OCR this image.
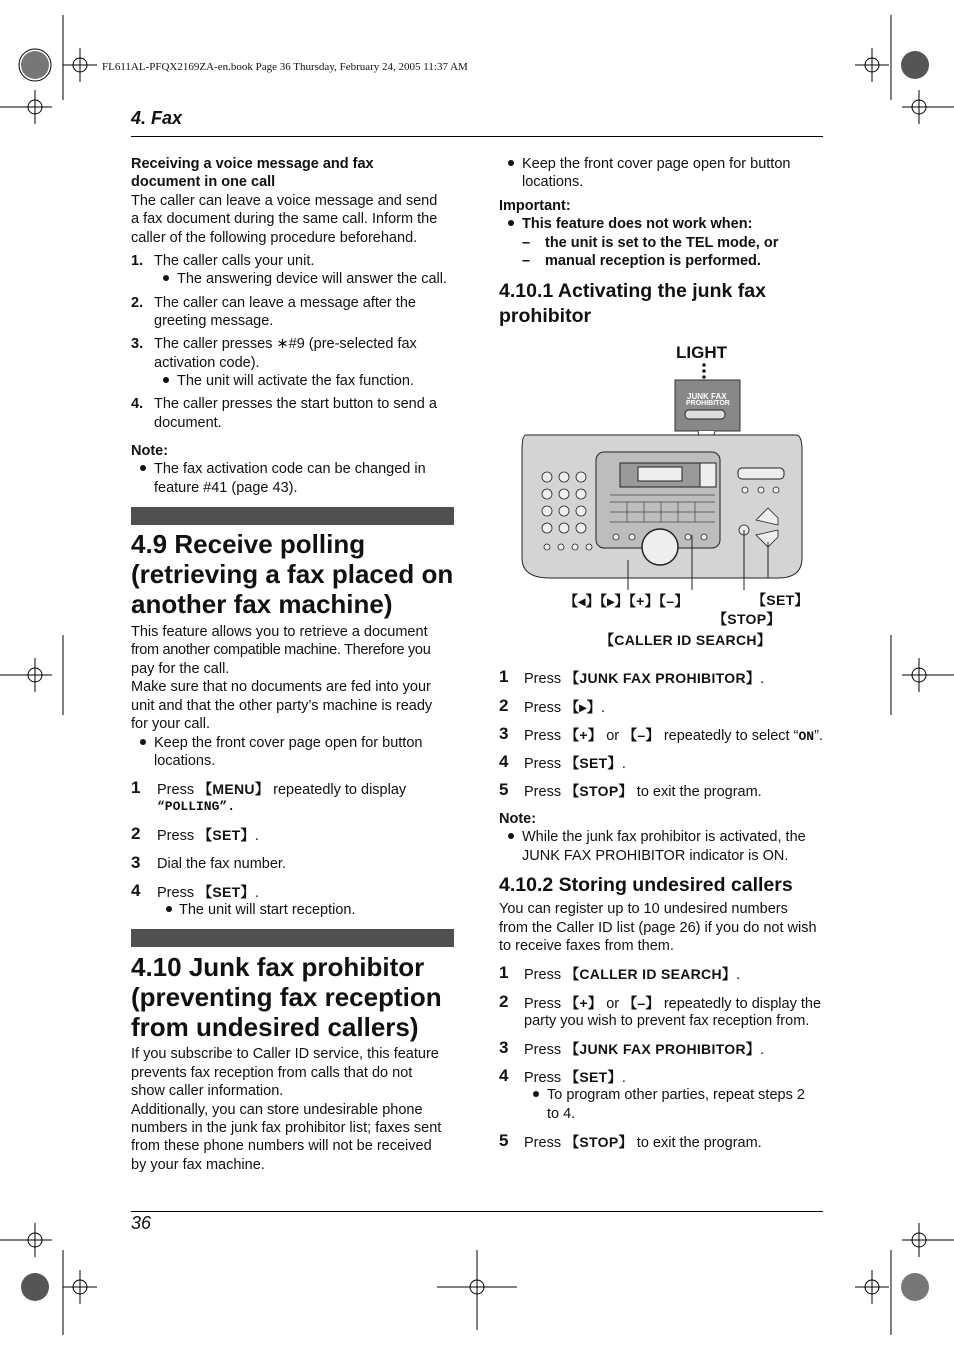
FL611AL-PFQX2169ZA-en.book Page 36 Thursday, February 24, 2005 11:37 AM
4. Fax
Receiving a voice message and fax
document in one call
The caller can leave a voice message and send
a fax document during the same call. Inform the
caller of the following procedure beforehand.
1. The caller calls your unit.
The answering device will answer the call.
2. The caller can leave a message after the
greeting message.
3. The caller presses ∗#9 (pre-selected fax
activation code).
The unit will activate the fax function.
4. The caller presses the start button to send a
document.
Note:
The fax activation code can be changed in
feature #41 (page 43).
4.9 Receive polling
(retrieving a fax placed on
another fax machine)
This feature allows you to retrieve a document
from another compatible machine. Therefore you
pay for the call.
Make sure that no documents are fed into your
unit and that the other party’s machine is ready
for your call.
Keep the front cover page open for button
locations.
1 Press 【MENU】 repeatedly to display
“POLLING”.
2 Press 【SET】.
3 Dial the fax number.
4 Press 【SET】.
The unit will start reception.
4.10 Junk fax prohibitor
(preventing fax reception
from undesired callers)
If you subscribe to Caller ID service, this feature
prevents fax reception from calls that do not
show caller information.
Additionally, you can store undesirable phone
numbers in the junk fax prohibitor list; faxes sent
from these phone numbers will not be received
by your fax machine.
Keep the front cover page open for button
locations.
Important:
This feature does not work when:
– the unit is set to the TEL mode, or
– manual reception is performed.
4.10.1 Activating the junk fax
prohibitor
LIGHT
JUNK FAX
PROHIBITOR
【◂】【▸】【+】【–】	【SET】
【STOP】
【CALLER ID SEARCH】
1 Press 【JUNK FAX PROHIBITOR】.
2 Press 【▸】.
3 Press 【+】 or 【–】 repeatedly to select “ON”.
4 Press 【SET】.
5 Press 【STOP】 to exit the program.
Note:
While the junk fax prohibitor is activated, the
JUNK FAX PROHIBITOR indicator is ON.
4.10.2 Storing undesired callers
You can register up to 10 undesired numbers
from the Caller ID list (page 26) if you do not wish
to receive faxes from them.
1 Press 【CALLER ID SEARCH】.
2 Press 【+】 or 【–】 repeatedly to display the
party you wish to prevent fax reception from.
3 Press 【JUNK FAX PROHIBITOR】.
4 Press 【SET】.
To program other parties, repeat steps 2
to 4.
5 Press 【STOP】 to exit the program.
36
